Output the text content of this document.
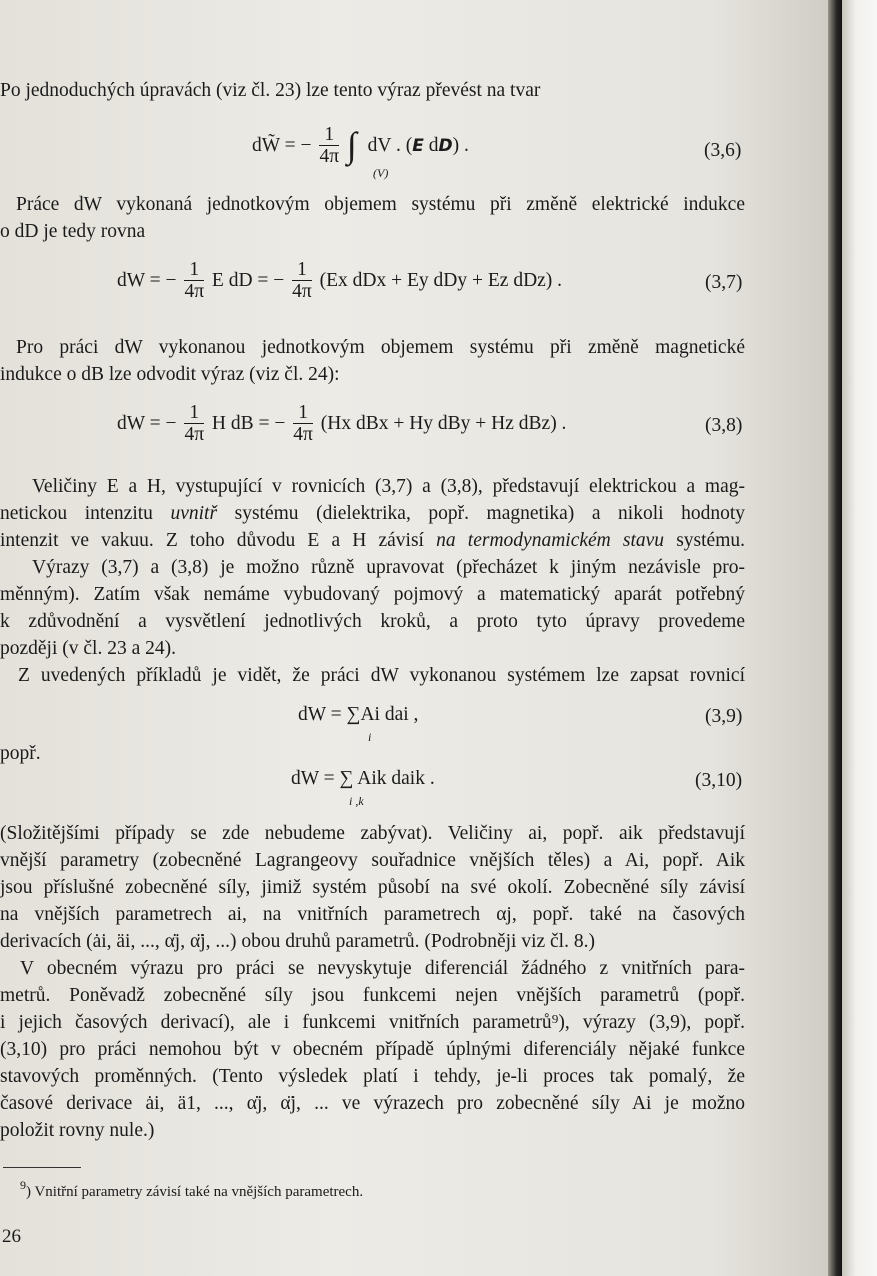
Po jednoduchých úpravách (viz čl. 23) lze tento výraz převést na tvar
dW̃ = − $\frac{1}{4\pi}$ ∫ dV . (E dD) .
(V)
(3,6)
Práce dW vykonaná jednotkovým objemem systému při změně elektrické indukce
o dD je tedy rovna
dW = − $\frac{1}{4\pi}$ E dD = − $\frac{1}{4\pi} (Ex$ dDx + Ey dDy + Ez dDz) .	(3,7)
Pro práci dW vykonanou jednotkovým objemem systému při změně magnetické
indukce o dB lze odvodit výraz (viz čl. 24):
dW = − $\frac{1}{4\pi}$ H dB = − $\frac{1}{4\pi} (Hx$ dBx + Hy dBy + Hz dBz) .	(3,8)
Veličiny E a H, vystupující v rovnicích (3,7) a (3,8), představují elektrickou a mag-
netickou intenzitu uvnitř systému (dielektrika, popř. magnetika) a nikoli hodnoty
intenzit ve vakuu. Z toho důvodu E a H závisí na termodynamickém stavu systému.
Výrazy (3,7) a (3,8) je možno různě upravovat (přecházet k jiným nezávisle pro-
měnným). Zatím však nemáme vybudovaný pojmový a matematický aparát potřebný
k zdůvodnění a vysvětlení jednotlivých kroků, a proto tyto úpravy provedeme
později (v čl. 23 a 24).
Z uvedených příkladů je vidět, že práci dW vykonanou systémem lze zapsat rovnicí
dW = ∑Ai dai ,
i
(3,9)
popř.
dW = ∑ Aik daik .
i ,k
(3,10)
(Složitějšími případy se zde nebudeme zabývat). Veličiny ai, popř. aik představují
vnější parametry (zobecněné Lagrangeovy souřadnice vnějších těles) a Ai, popř. Aik
jsou příslušné zobecněné síly, jimiž systém působí na své okolí. Zobecněné síly závisí
na vnějších parametrech ai, na vnitřních parametrech αj, popř. také na časových
derivacích (ȧi, äi, ..., α̇j, α̈j, ...) obou druhů parametrů. (Podrobněji viz čl. 8.)
V obecném výrazu pro práci se nevyskytuje diferenciál žádného z vnitřních para-
metrů. Poněvadž zobecněné síly jsou funkcemi nejen vnějších parametrů (popř.
i jejich časových derivací), ale i funkcemi vnitřních parametrů⁹), výrazy (3,9), popř.
(3,10) pro práci nemohou být v obecném případě úplnými diferenciály nějaké funkce
stavových proměnných. (Tento výsledek platí i tehdy, je-li proces tak pomalý, že
časové derivace ȧi, ä1, ..., α̇j, α̈j, ... ve výrazech pro zobecněné síly Ai je možno
položit rovny nule.)
$^9$) Vnitřní parametry závisí také na vnějších parametrech.
26
